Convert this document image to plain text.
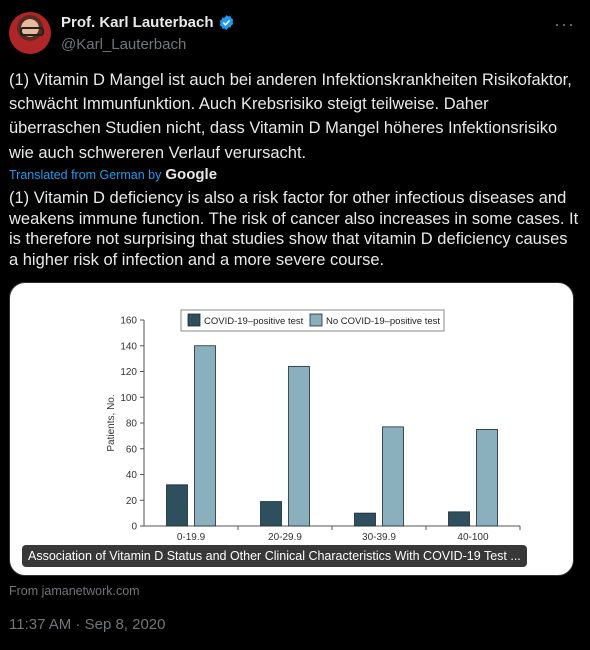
Prof. Karl Lauterbach
@Karl_Lauterbach
···
(1) Vitamin D Mangel ist auch bei anderen Infektionskrankheiten Risikofaktor, schwächt Immunfunktion. Auch Krebsrisiko steigt teilweise. Daher überraschen Studien nicht, dass Vitamin D Mangel höheres Infektionsrisiko wie auch schwereren Verlauf verursacht.
Translated from German by Google
(1) Vitamin D deficiency is also a risk factor for other infectious diseases and weakens immune function. The risk of cancer also increases in some cases. It is therefore not surprising that studies show that vitamin D deficiency causes a higher risk of infection and a more severe course.
0
20
40
60
80
100
120
140
160
Patients, No.
0-19.9	20-29.9	30-39.9	40-100
COVID-19–positive test No COVID-19–positive test
Association of Vitamin D Status and Other Clinical Characteristics With COVID-19 Test ...
From jamanetwork.com
11:37 AM · Sep 8, 2020
